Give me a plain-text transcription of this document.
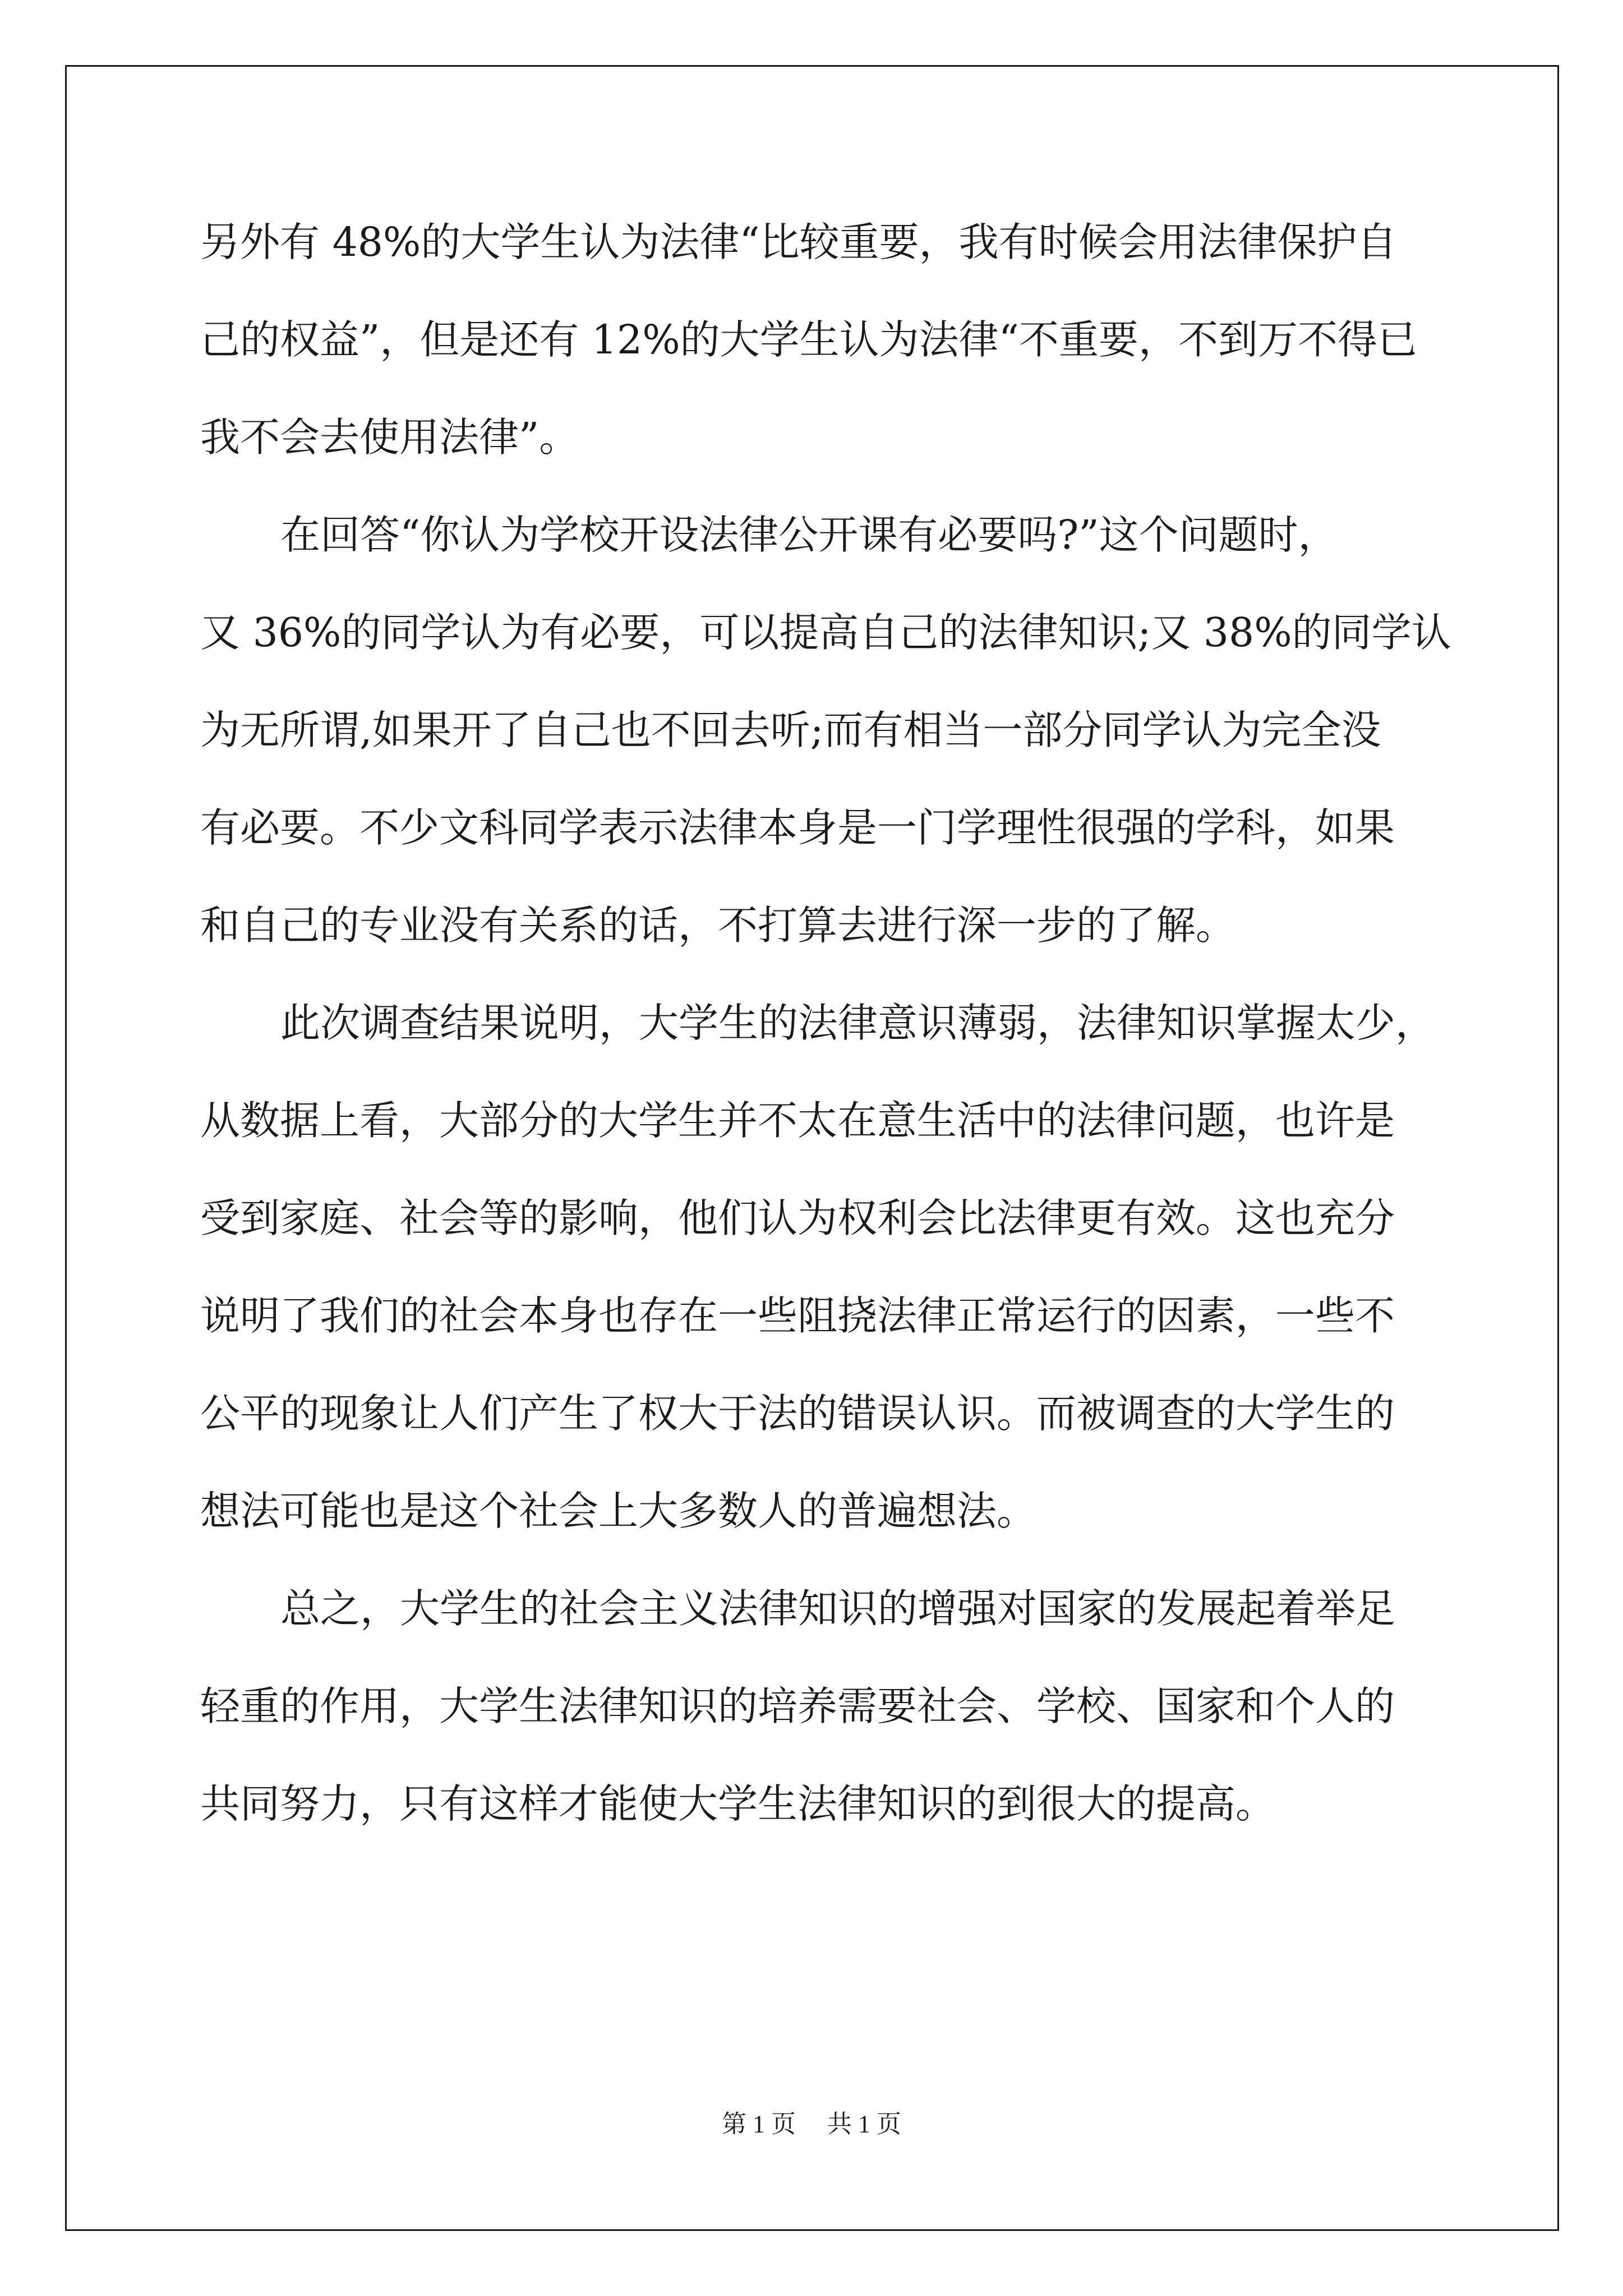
另外有 48%的大学生认为法律“比较重要，我有时候会用法律保护自
己的权益”，但是还有 12%的大学生认为法律“不重要，不到万不得已
我不会去使用法律”。
在回答“你认为学校开设法律公开课有必要吗?”这个问题时，
又 36%的同学认为有必要，可以提高自己的法律知识;又 38%的同学认
为无所谓,如果开了自己也不回去听;而有相当一部分同学认为完全没
有必要。不少文科同学表示法律本身是一门学理性很强的学科，如果
和自己的专业没有关系的话，不打算去进行深一步的了解。
此次调查结果说明，大学生的法律意识薄弱，法律知识掌握太少，
从数据上看，大部分的大学生并不太在意生活中的法律问题，也许是
受到家庭、社会等的影响，他们认为权利会比法律更有效。这也充分
说明了我们的社会本身也存在一些阻挠法律正常运行的因素，一些不
公平的现象让人们产生了权大于法的错误认识。而被调查的大学生的
想法可能也是这个社会上大多数人的普遍想法。
总之，大学生的社会主义法律知识的增强对国家的发展起着举足
轻重的作用，大学生法律知识的培养需要社会、学校、国家和个人的
共同努力，只有这样才能使大学生法律知识的到很大的提高。
第 1 页 共 1 页
